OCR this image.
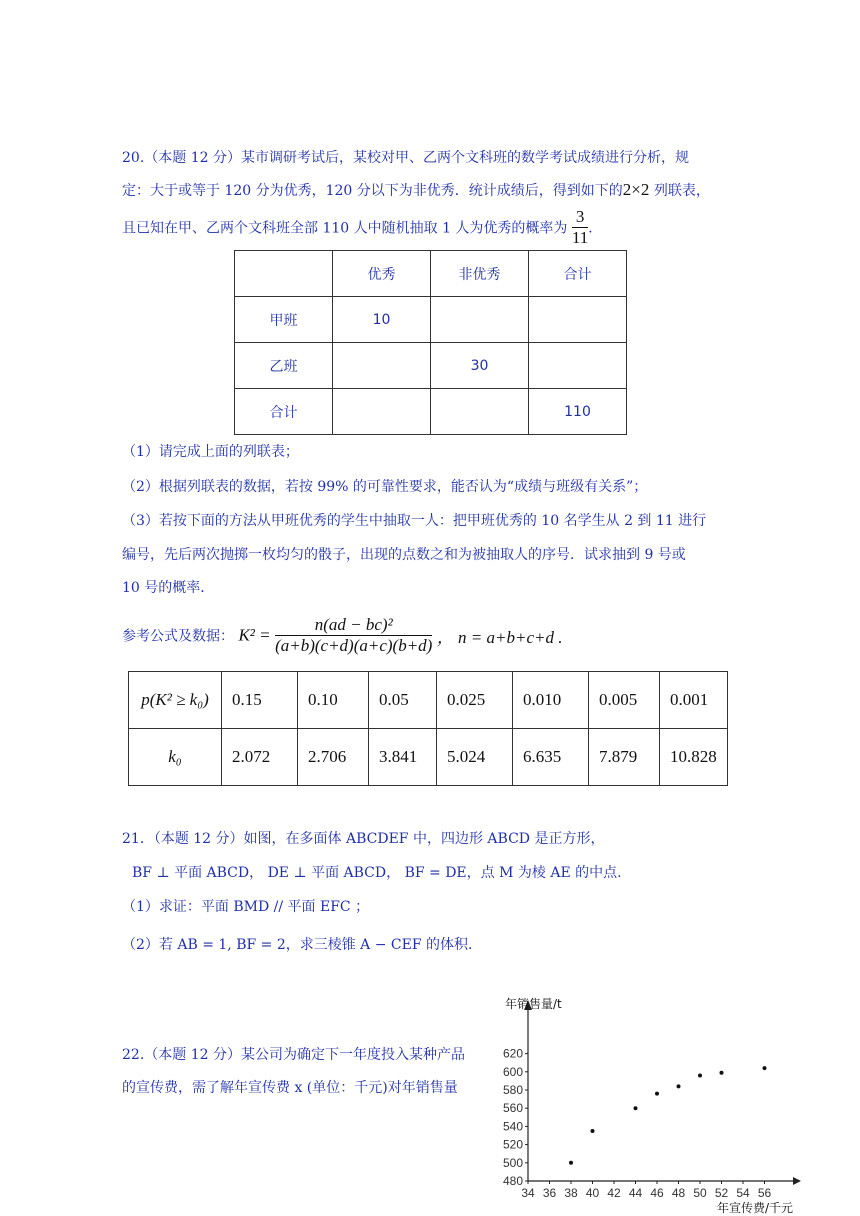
20.（本题 12 分）某市调研考试后，某校对甲、乙两个文科班的数学考试成绩进行分析，规
定：大于或等于 120 分为优秀，120 分以下为非优秀．统计成绩后，得到如下的2×2 列联表，
且已知在甲、乙两个文科班全部 110 人中随机抽取 1 人为优秀的概率为 $\frac{3}{11}$ ．
	优秀	非优秀	合计
甲班	10		
乙班		30	
合计			110
（1）请完成上面的列联表；
（2）根据列联表的数据，若按 99% 的可靠性要求，能否认为“成绩与班级有关系”；
（3）若按下面的方法从甲班优秀的学生中抽取一人：把甲班优秀的 10 名学生从 2 到 11 进行
编号，先后两次抛掷一枚均匀的骰子，出现的点数之和为被抽取人的序号．试求抽到 9 号或
10 号的概率．
参考公式及数据： $K^2 = \frac{\text{n(ad − bc)²}}{(a+b)(c+d)(a+c)(b+d)}$ ， n = a+b+c+d .
p(K² ≥ k₀)	0.15	0.10	0.05	0.025	0.010	0.005	0.001
k₀	2.072	2.706	3.841	5.024	6.635	7.879	10.828
21．（本题 12 分）如图，在多面体 ABCDEF 中，四边形 ABCD 是正方形，
BF ⊥ 平面 ABCD， DE ⊥ 平面 ABCD， BF = DE，点 M 为棱 AE 的中点.
（1）求证：平面 BMD // 平面 EFC ；
（2）若 AB = 1, BF = 2，求三棱锥 A − CEF 的体积.
22.（本题 12 分）某公司为确定下一年度投入某种产品
的宣传费，需了解年宣传费 x (单位：千元)对年销售量
年销售量/t
年宣传费/千元
34 36 38 40 42 44 46 48 50 52 54 56
480
500
520
540
560
580
600
620
